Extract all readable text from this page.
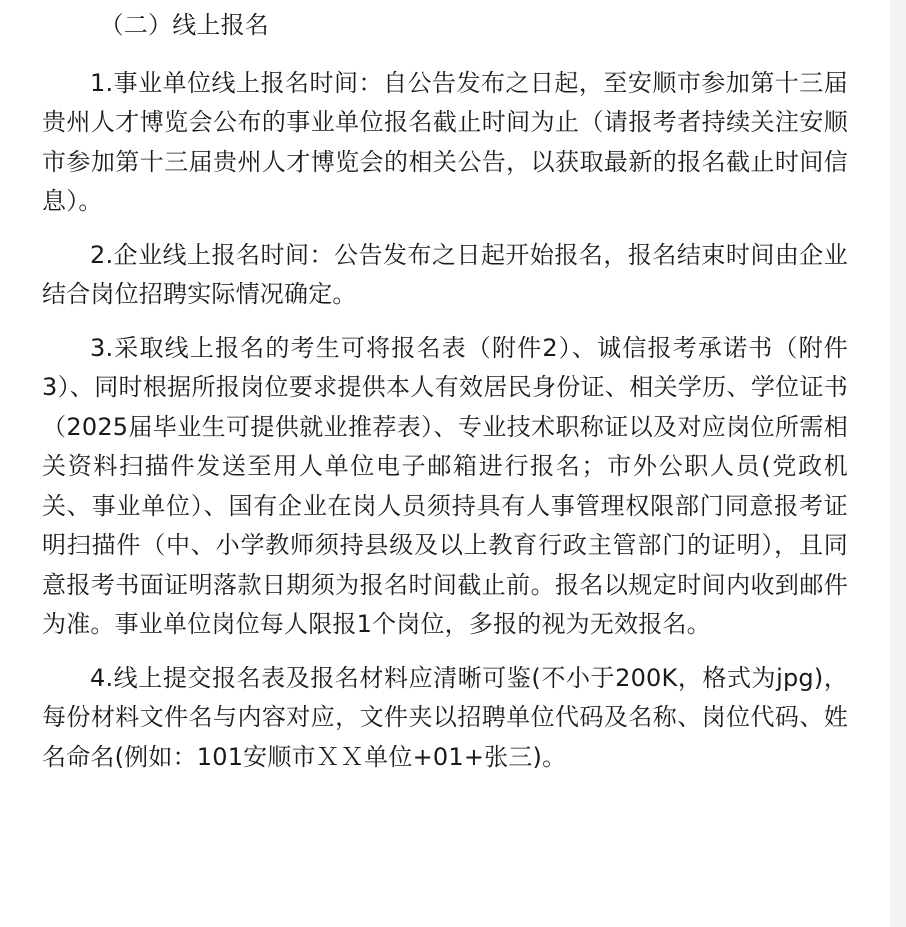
（二）线上报名

1.事业单位线上报名时间：自公告发布之日起，至安顺市参加第十三届贵州人才博览会公布的事业单位报名截止时间为止（请报考者持续关注安顺市参加第十三届贵州人才博览会的相关公告，以获取最新的报名截止时间信息）。

2.企业线上报名时间：公告发布之日起开始报名，报名结束时间由企业结合岗位招聘实际情况确定。

3.采取线上报名的考生可将报名表（附件2）、诚信报考承诺书（附件3）、同时根据所报岗位要求提供本人有效居民身份证、相关学历、学位证书（2025届毕业生可提供就业推荐表）、专业技术职称证以及对应岗位所需相关资料扫描件发送至用人单位电子邮箱进行报名；市外公职人员(党政机关、事业单位）、国有企业在岗人员须持具有人事管理权限部门同意报考证明扫描件（中、小学教师须持县级及以上教育行政主管部门的证明），且同意报考书面证明落款日期须为报名时间截止前。报名以规定时间内收到邮件为准。事业单位岗位每人限报1个岗位，多报的视为无效报名。

4.线上提交报名表及报名材料应清晰可鉴(不小于200K，格式为jpg)，每份材料文件名与内容对应，文件夹以招聘单位代码及名称、岗位代码、姓名命名(例如：101安顺市ＸＸ单位+01+张三)。
